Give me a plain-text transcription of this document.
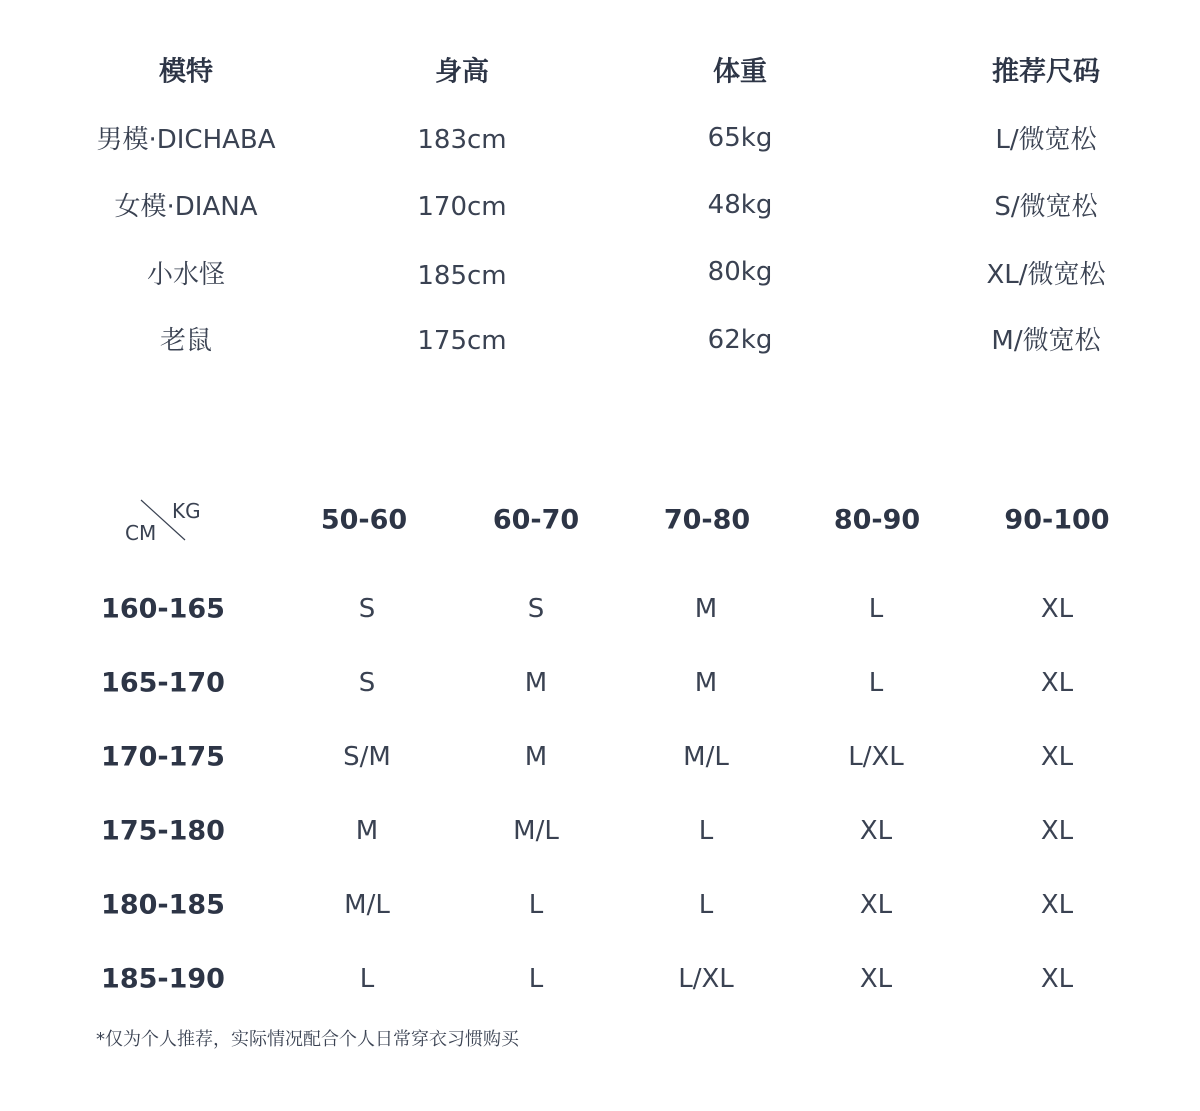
模特	身高	体重	推荐尺码
男模·DICHABA	183cm	65kg	L/微宽松
女模·DIANA	170cm	48kg	S/微宽松
小水怪	185cm	80kg	XL/微宽松
老鼠	175cm	62kg	M/微宽松
KG
CM	50-60	60-70	70-80	80-90	90-100
160-165	S	S	M	L	XL
165-170	S	M	M	L	XL
170-175	S/M	M	M/L	L/XL	XL
175-180	M	M/L	L	XL	XL
180-185	M/L	L	L	XL	XL
185-190	L	L	L/XL	XL	XL
*仅为个人推荐，实际情况配合个人日常穿衣习惯购买
